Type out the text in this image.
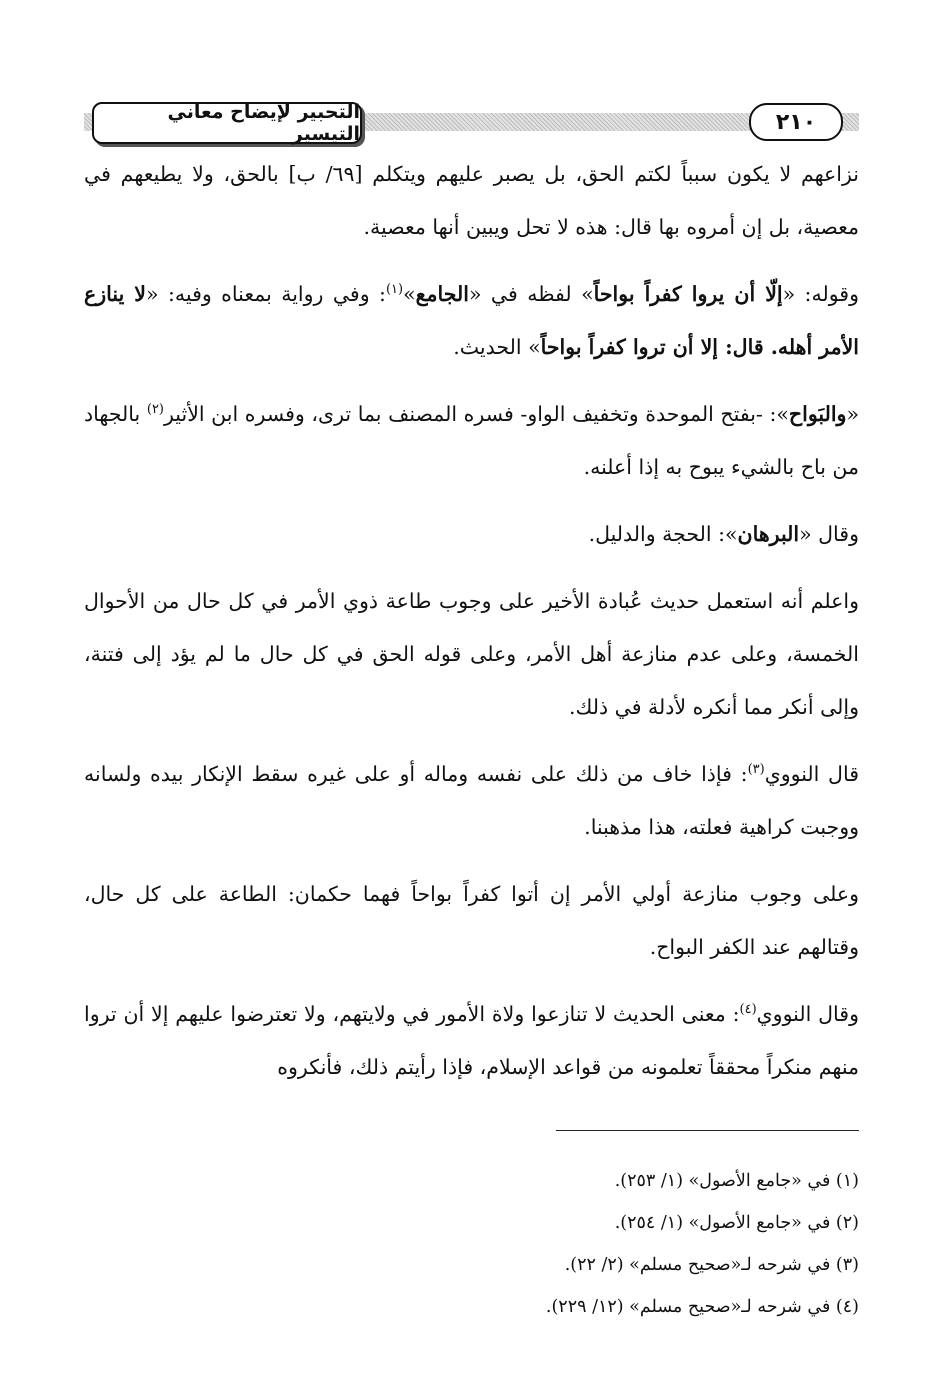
التحبير لإيضاح معاني التيسير	٢١٠

نزاعهم لا يكون سبباً لكتم الحق، بل يصبر عليهم ويتكلم [٦٩/ ب] بالحق، ولا يطيعهم في معصية، بل إن أمروه بها قال: هذه لا تحل ويبين أنها معصية.

وقوله: «إلّا أن يروا كفراً بواحاً» لفظه في «الجامع»$^{(١)}$: وفي رواية بمعناه وفيه: «لا ينازع الأمر أهله. قال: إلا أن تروا كفراً بواحاً» الحديث.

«والبَواح»: -بفتح الموحدة وتخفيف الواو- فسره المصنف بما ترى، وفسره ابن الأثير$^{(٢)}$ بالجهاد من باح بالشيء يبوح به إذا أعلنه.

وقال «البرهان»: الحجة والدليل.

واعلم أنه استعمل حديث عُبادة الأخير على وجوب طاعة ذوي الأمر في كل حال من الأحوال الخمسة، وعلى عدم منازعة أهل الأمر، وعلى قوله الحق في كل حال ما لم يؤد إلى فتنة، وإلى أنكر مما أنكره لأدلة في ذلك.

قال النووي$^{(٣)}$: فإذا خاف من ذلك على نفسه وماله أو على غيره سقط الإنكار بيده ولسانه ووجبت كراهية فعلته، هذا مذهبنا.

وعلى وجوب منازعة أولي الأمر إن أتوا كفراً بواحاً فهما حكمان: الطاعة على كل حال، وقتالهم عند الكفر البواح.

وقال النووي$^{(٤)}$: معنى الحديث لا تنازعوا ولاة الأمور في ولايتهم، ولا تعترضوا عليهم إلا أن تروا منهم منكراً محققاً تعلمونه من قواعد الإسلام، فإذا رأيتم ذلك، فأنكروه

(١) في «جامع الأصول» (١/ ٢٥٣).
(٢) في «جامع الأصول» (١/ ٢٥٤).
(٣) في شرحه لـ«صحيح مسلم» (٢/ ٢٢).
(٤) في شرحه لـ«صحيح مسلم» (١٢/ ٢٢٩).
